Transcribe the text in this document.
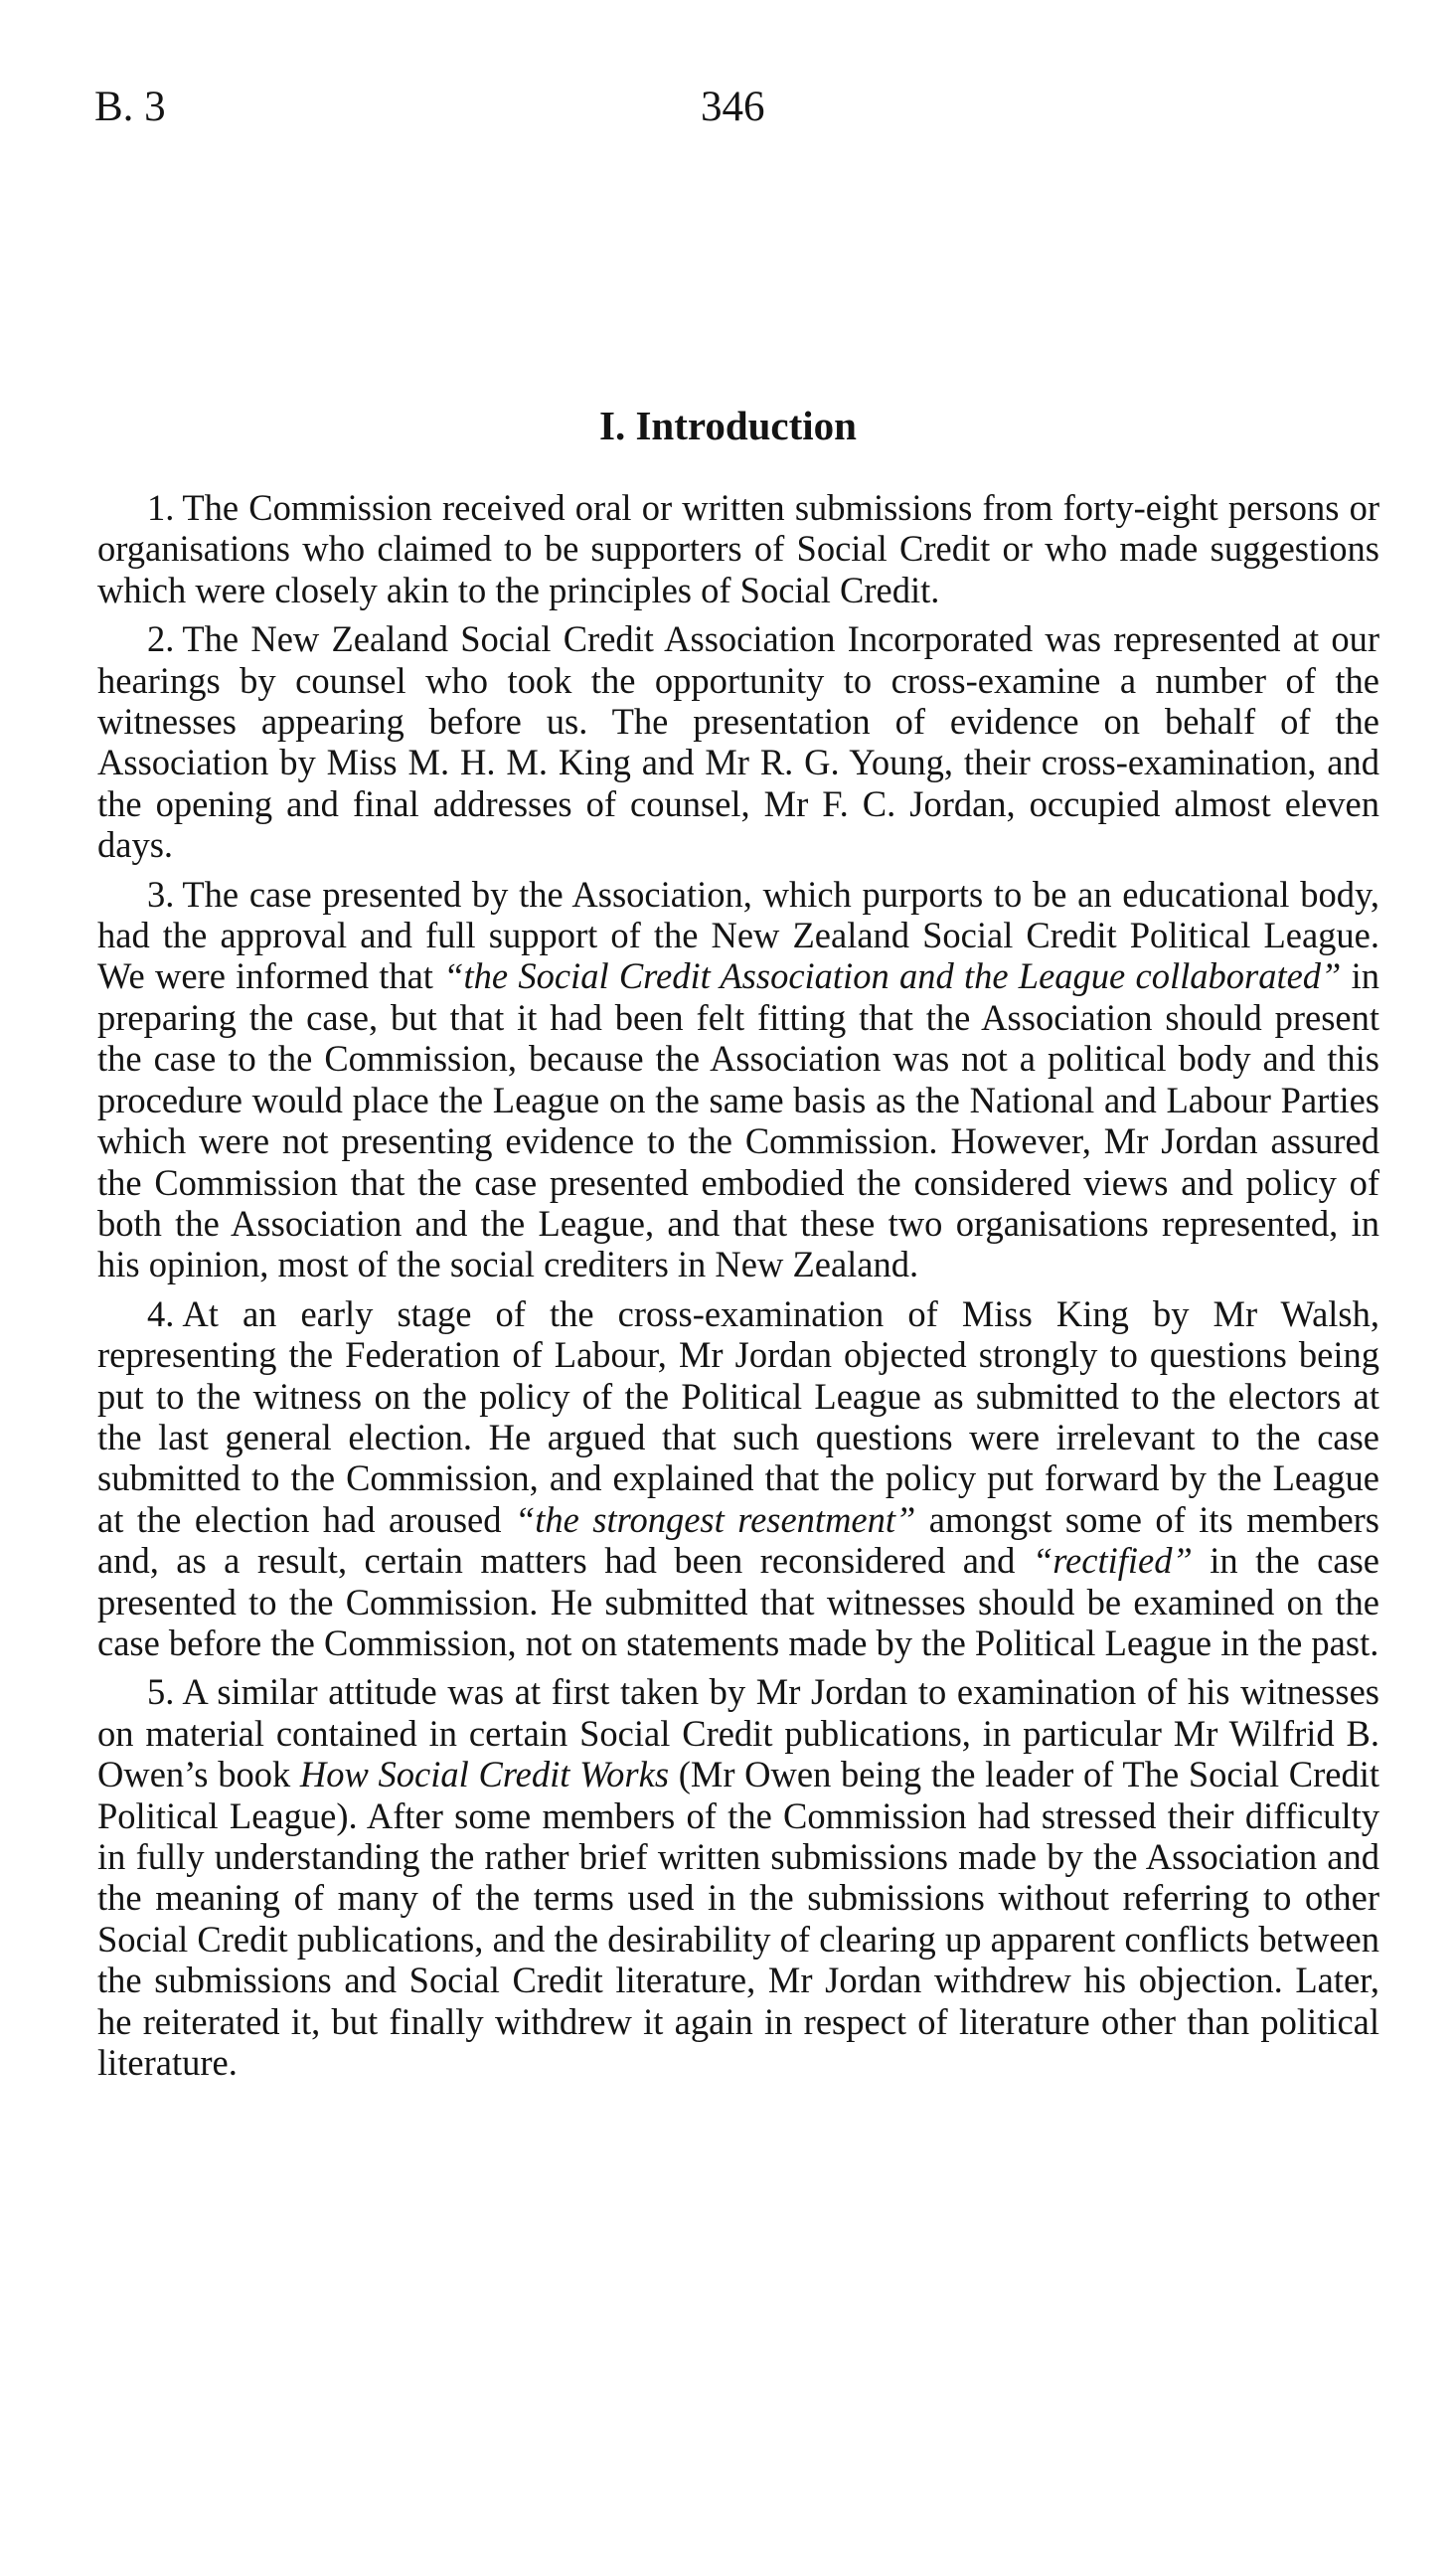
B. 3	346
I. Introduction

1. The Commission received oral or written submissions from forty-eight persons or organisations who claimed to be supporters of Social Credit or who made suggestions which were closely akin to the principles of Social Credit.

2. The New Zealand Social Credit Association Incorporated was represented at our hearings by counsel who took the opportunity to cross-examine a number of the witnesses appearing before us. The presentation of evidence on behalf of the Association by Miss M. H. M. King and Mr R. G. Young, their cross-examination, and the opening and final addresses of counsel, Mr F. C. Jordan, occupied almost eleven days.

3. The case presented by the Association, which purports to be an educational body, had the approval and full support of the New Zealand Social Credit Political League. We were informed that “the Social Credit Association and the League collaborated” in preparing the case, but that it had been felt fitting that the Association should present the case to the Commission, because the Association was not a political body and this procedure would place the League on the same basis as the National and Labour Parties which were not presenting evidence to the Commission. However, Mr Jordan assured the Commission that the case presented embodied the considered views and policy of both the Association and the League, and that these two organisations represented, in his opinion, most of the social crediters in New Zealand.

4. At an early stage of the cross-examination of Miss King by Mr Walsh, representing the Federation of Labour, Mr Jordan objected strongly to questions being put to the witness on the policy of the Political League as submitted to the electors at the last general election. He argued that such questions were irrelevant to the case submitted to the Commission, and explained that the policy put forward by the League at the election had aroused “the strongest resentment” amongst some of its members and, as a result, certain matters had been reconsidered and “rectified” in the case presented to the Commission. He submitted that witnesses should be examined on the case before the Commission, not on statements made by the Political League in the past.

5. A similar attitude was at first taken by Mr Jordan to examination of his witnesses on material contained in certain Social Credit publications, in particular Mr Wilfrid B. Owen’s book How Social Credit Works (Mr Owen being the leader of The Social Credit Political League). After some members of the Commission had stressed their difficulty in fully understanding the rather brief written submissions made by the Association and the meaning of many of the terms used in the submissions without referring to other Social Credit publications, and the desirability of clearing up apparent conflicts between the submissions and Social Credit literature, Mr Jordan withdrew his objection. Later, he reiterated it, but finally withdrew it again in respect of literature other than political literature.
